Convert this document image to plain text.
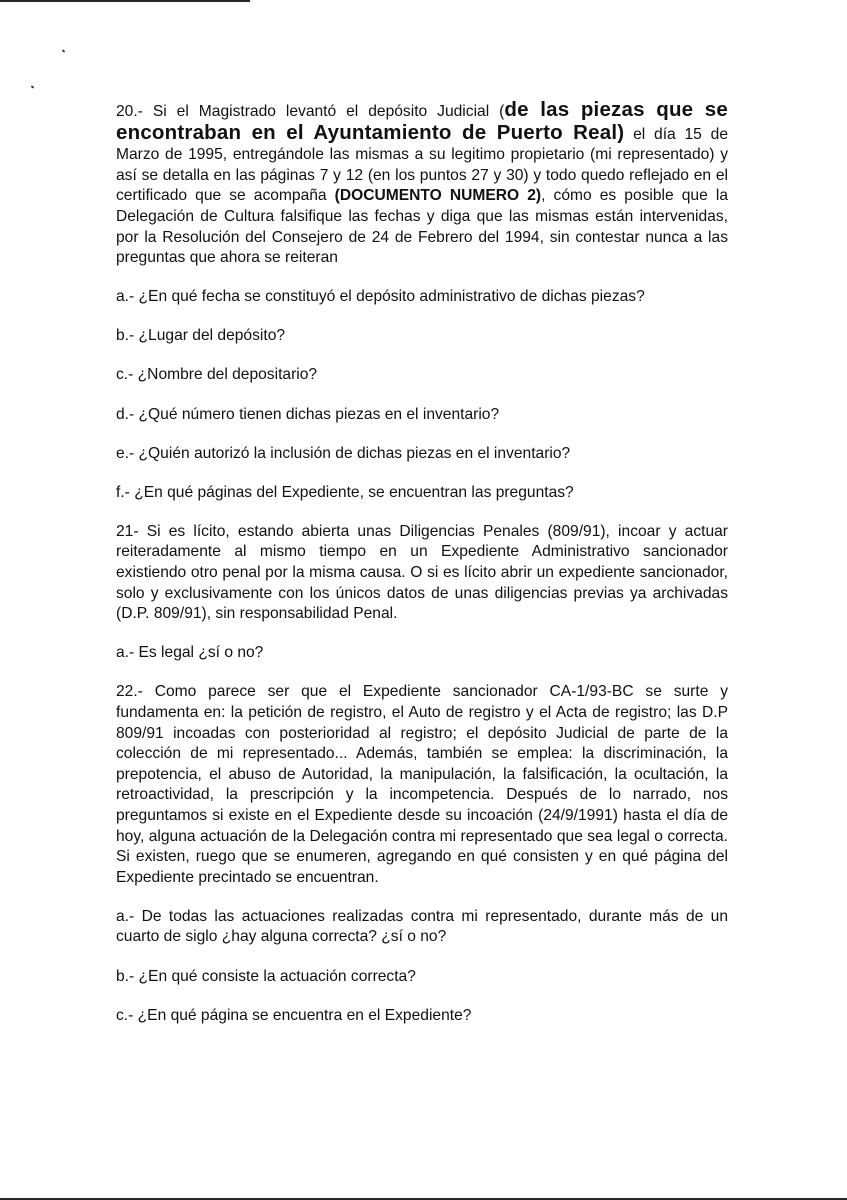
20.- Si el Magistrado levantó el depósito Judicial (de las piezas que se encontraban en el Ayuntamiento de Puerto Real) el día 15 de Marzo de 1995, entregándole las mismas a su legitimo propietario (mi representado) y así se detalla en las páginas 7 y 12 (en los puntos 27 y 30) y todo quedo reflejado en el certificado que se acompaña (DOCUMENTO NUMERO 2), cómo es posible que la Delegación de Cultura falsifique las fechas y diga que las mismas están intervenidas, por la Resolución del Consejero de 24 de Febrero del 1994, sin contestar nunca a las preguntas que ahora se reiteran

a.- ¿En qué fecha se constituyó el depósito administrativo de dichas piezas?

b.- ¿Lugar del depósito?

c.- ¿Nombre del depositario?

d.- ¿Qué número tienen dichas piezas en el inventario?

e.- ¿Quién autorizó la inclusión de dichas piezas en el inventario?

f.- ¿En qué páginas del Expediente, se encuentran las preguntas?

21- Si es lícito, estando abierta unas Diligencias Penales (809/91), incoar y actuar reiteradamente al mismo tiempo en un Expediente Administrativo sancionador existiendo otro penal por la misma causa. O si es lícito abrir un expediente sancionador, solo y exclusivamente con los únicos datos de unas diligencias previas ya archivadas (D.P. 809/91), sin responsabilidad Penal.

a.- Es legal ¿sí o no?

22.- Como parece ser que el Expediente sancionador CA-1/93-BC se surte y fundamenta en: la petición de registro, el Auto de registro y el Acta de registro; las D.P 809/91 incoadas con posterioridad al registro; el depósito Judicial de parte de la colección de mi representado... Además, también se emplea: la discriminación, la prepotencia, el abuso de Autoridad, la manipulación, la falsificación, la ocultación, la retroactividad, la prescripción y la incompetencia. Después de lo narrado, nos preguntamos si existe en el Expediente desde su incoación (24/9/1991) hasta el día de hoy, alguna actuación de la Delegación contra mi representado que sea legal o correcta. Si existen, ruego que se enumeren, agregando en qué consisten y en qué página del Expediente precintado se encuentran.

a.- De todas las actuaciones realizadas contra mi representado, durante más de un cuarto de siglo ¿hay alguna correcta? ¿sí o no?

b.- ¿En qué consiste la actuación correcta?

c.- ¿En qué página se encuentra en el Expediente?
